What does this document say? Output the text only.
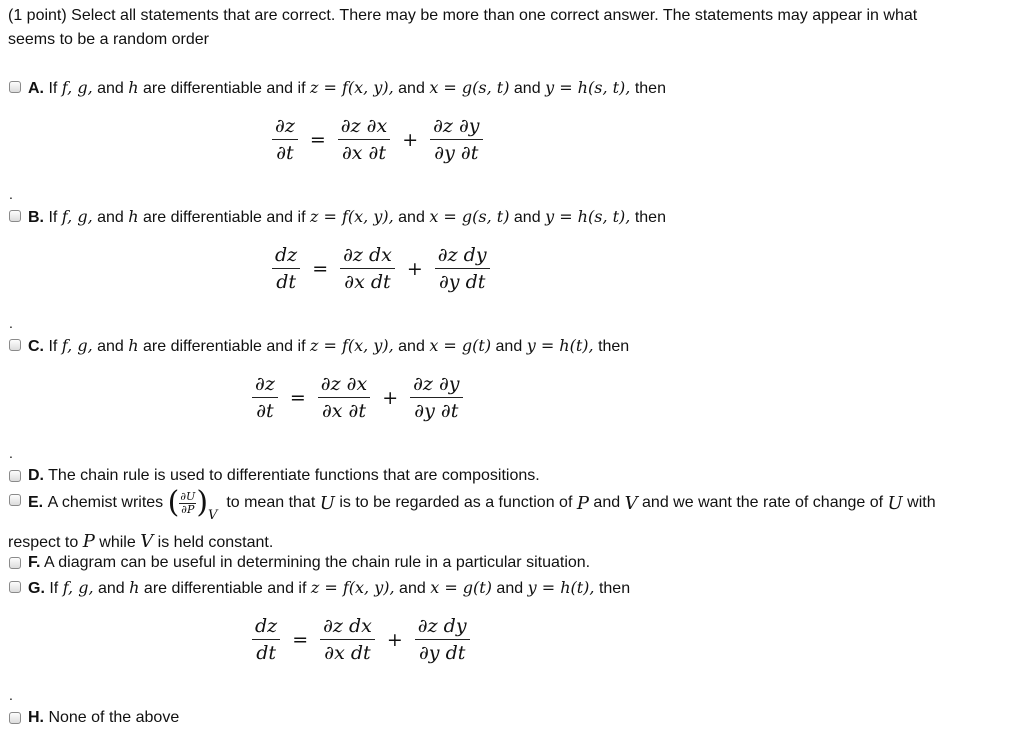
(1 point) Select all statements that are correct. There may be more than one correct answer. The statements may appear in what
seems to be a random order
A. If f, g, and h are differentiable and if z = f(x, y), and x = g(s, t) and y = h(s, t), then
$\frac{\partial z}{\partial t} = \frac{\partial z \partial x}{\partial x \partial t} + \frac{\partial z \partial y}{\partial y \partial t}$
.
B. If f, g, and h are differentiable and if z = f(x, y), and x = g(s, t) and y = h(s, t), then
$\frac{dz}{dt} = \frac{\text{∂z dx}}{\text{∂x dt}} + \frac{\text{∂z dy}}{\text{∂y dt}}$
.
C. If f, g, and h are differentiable and if z = f(x, y), and x = g(t) and y = h(t), then
$\frac{\partial z}{\partial t} = \frac{\partial z \partial x}{\partial x \partial t} + \frac{\partial z \partial y}{\partial y \partial t}$
.
D. The chain rule is used to differentiate functions that are compositions.
E.
A chemist writes
( $\frac{\partial U}{\partial P}$ ) V

to mean that
U
is to be regarded as a function of
P
and
V
and we want the rate of change of
U
with
respect to P while V is held constant.
F. A diagram can be useful in determining the chain rule in a particular situation.
G. If f, g, and h are differentiable and if z = f(x, y), and x = g(t) and y = h(t), then
$\frac{dz}{dt} = \frac{\text{∂z dx}}{\text{∂x dt}} + \frac{\text{∂z dy}}{\text{∂y dt}}$
.
H. None of the above
